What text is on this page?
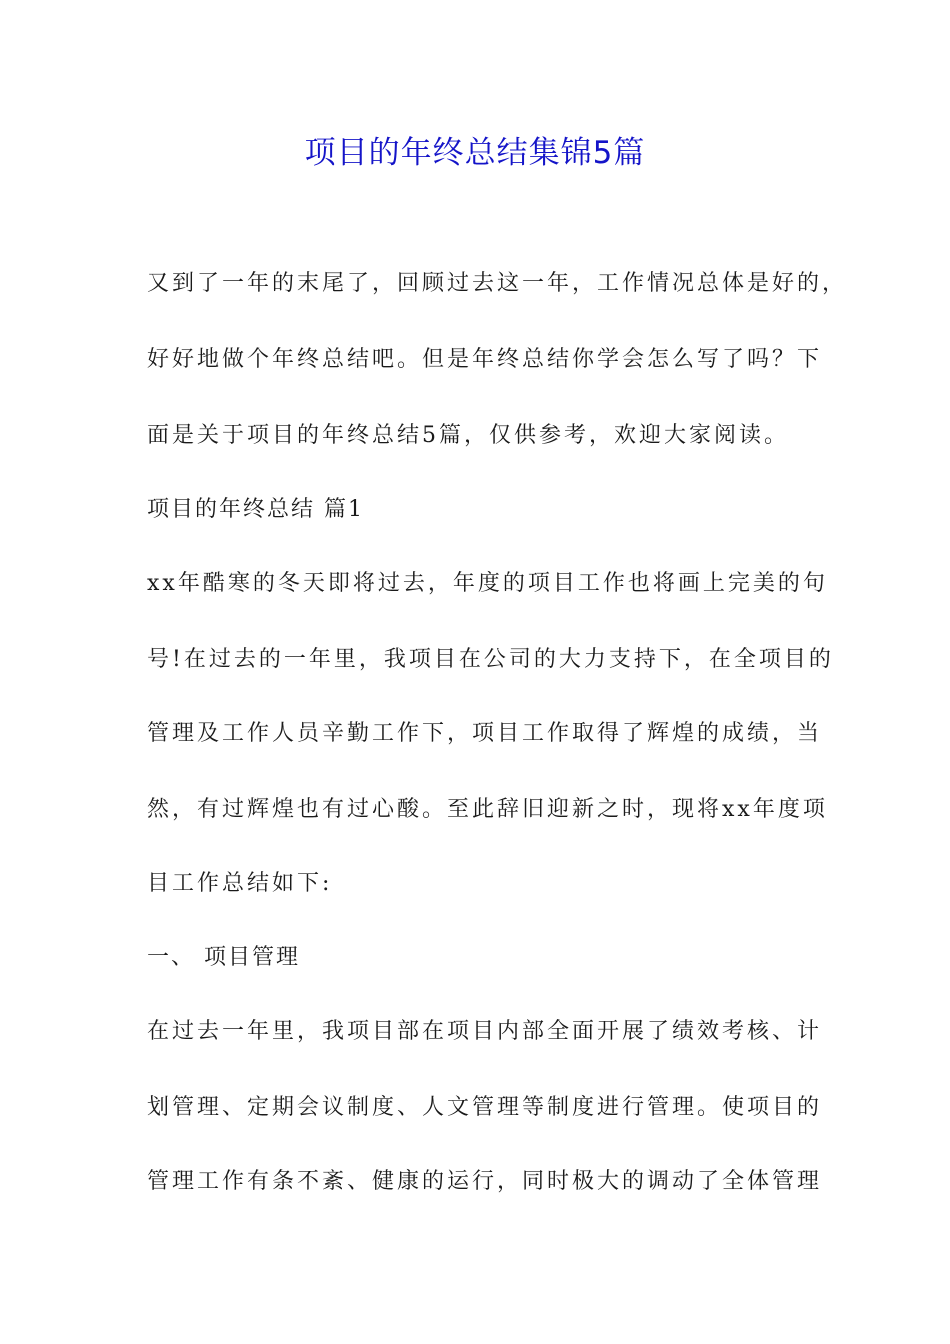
项目的年终总结集锦5篇

又到了一年的末尾了，回顾过去这一年，工作情况总体是好的，

好好地做个年终总结吧。但是年终总结你学会怎么写了吗？下

面是关于项目的年终总结5篇，仅供参考，欢迎大家阅读。

项目的年终总结 篇1

xx年酷寒的冬天即将过去，年度的项目工作也将画上完美的句

号!在过去的一年里，我项目在公司的大力支持下，在全项目的

管理及工作人员辛勤工作下，项目工作取得了辉煌的成绩，当

然，有过辉煌也有过心酸。至此辞旧迎新之时，现将xx年度项

目工作总结如下:

一、 项目管理

在过去一年里，我项目部在项目内部全面开展了绩效考核、计

划管理、定期会议制度、人文管理等制度进行管理。使项目的

管理工作有条不紊、健康的运行，同时极大的调动了全体管理
